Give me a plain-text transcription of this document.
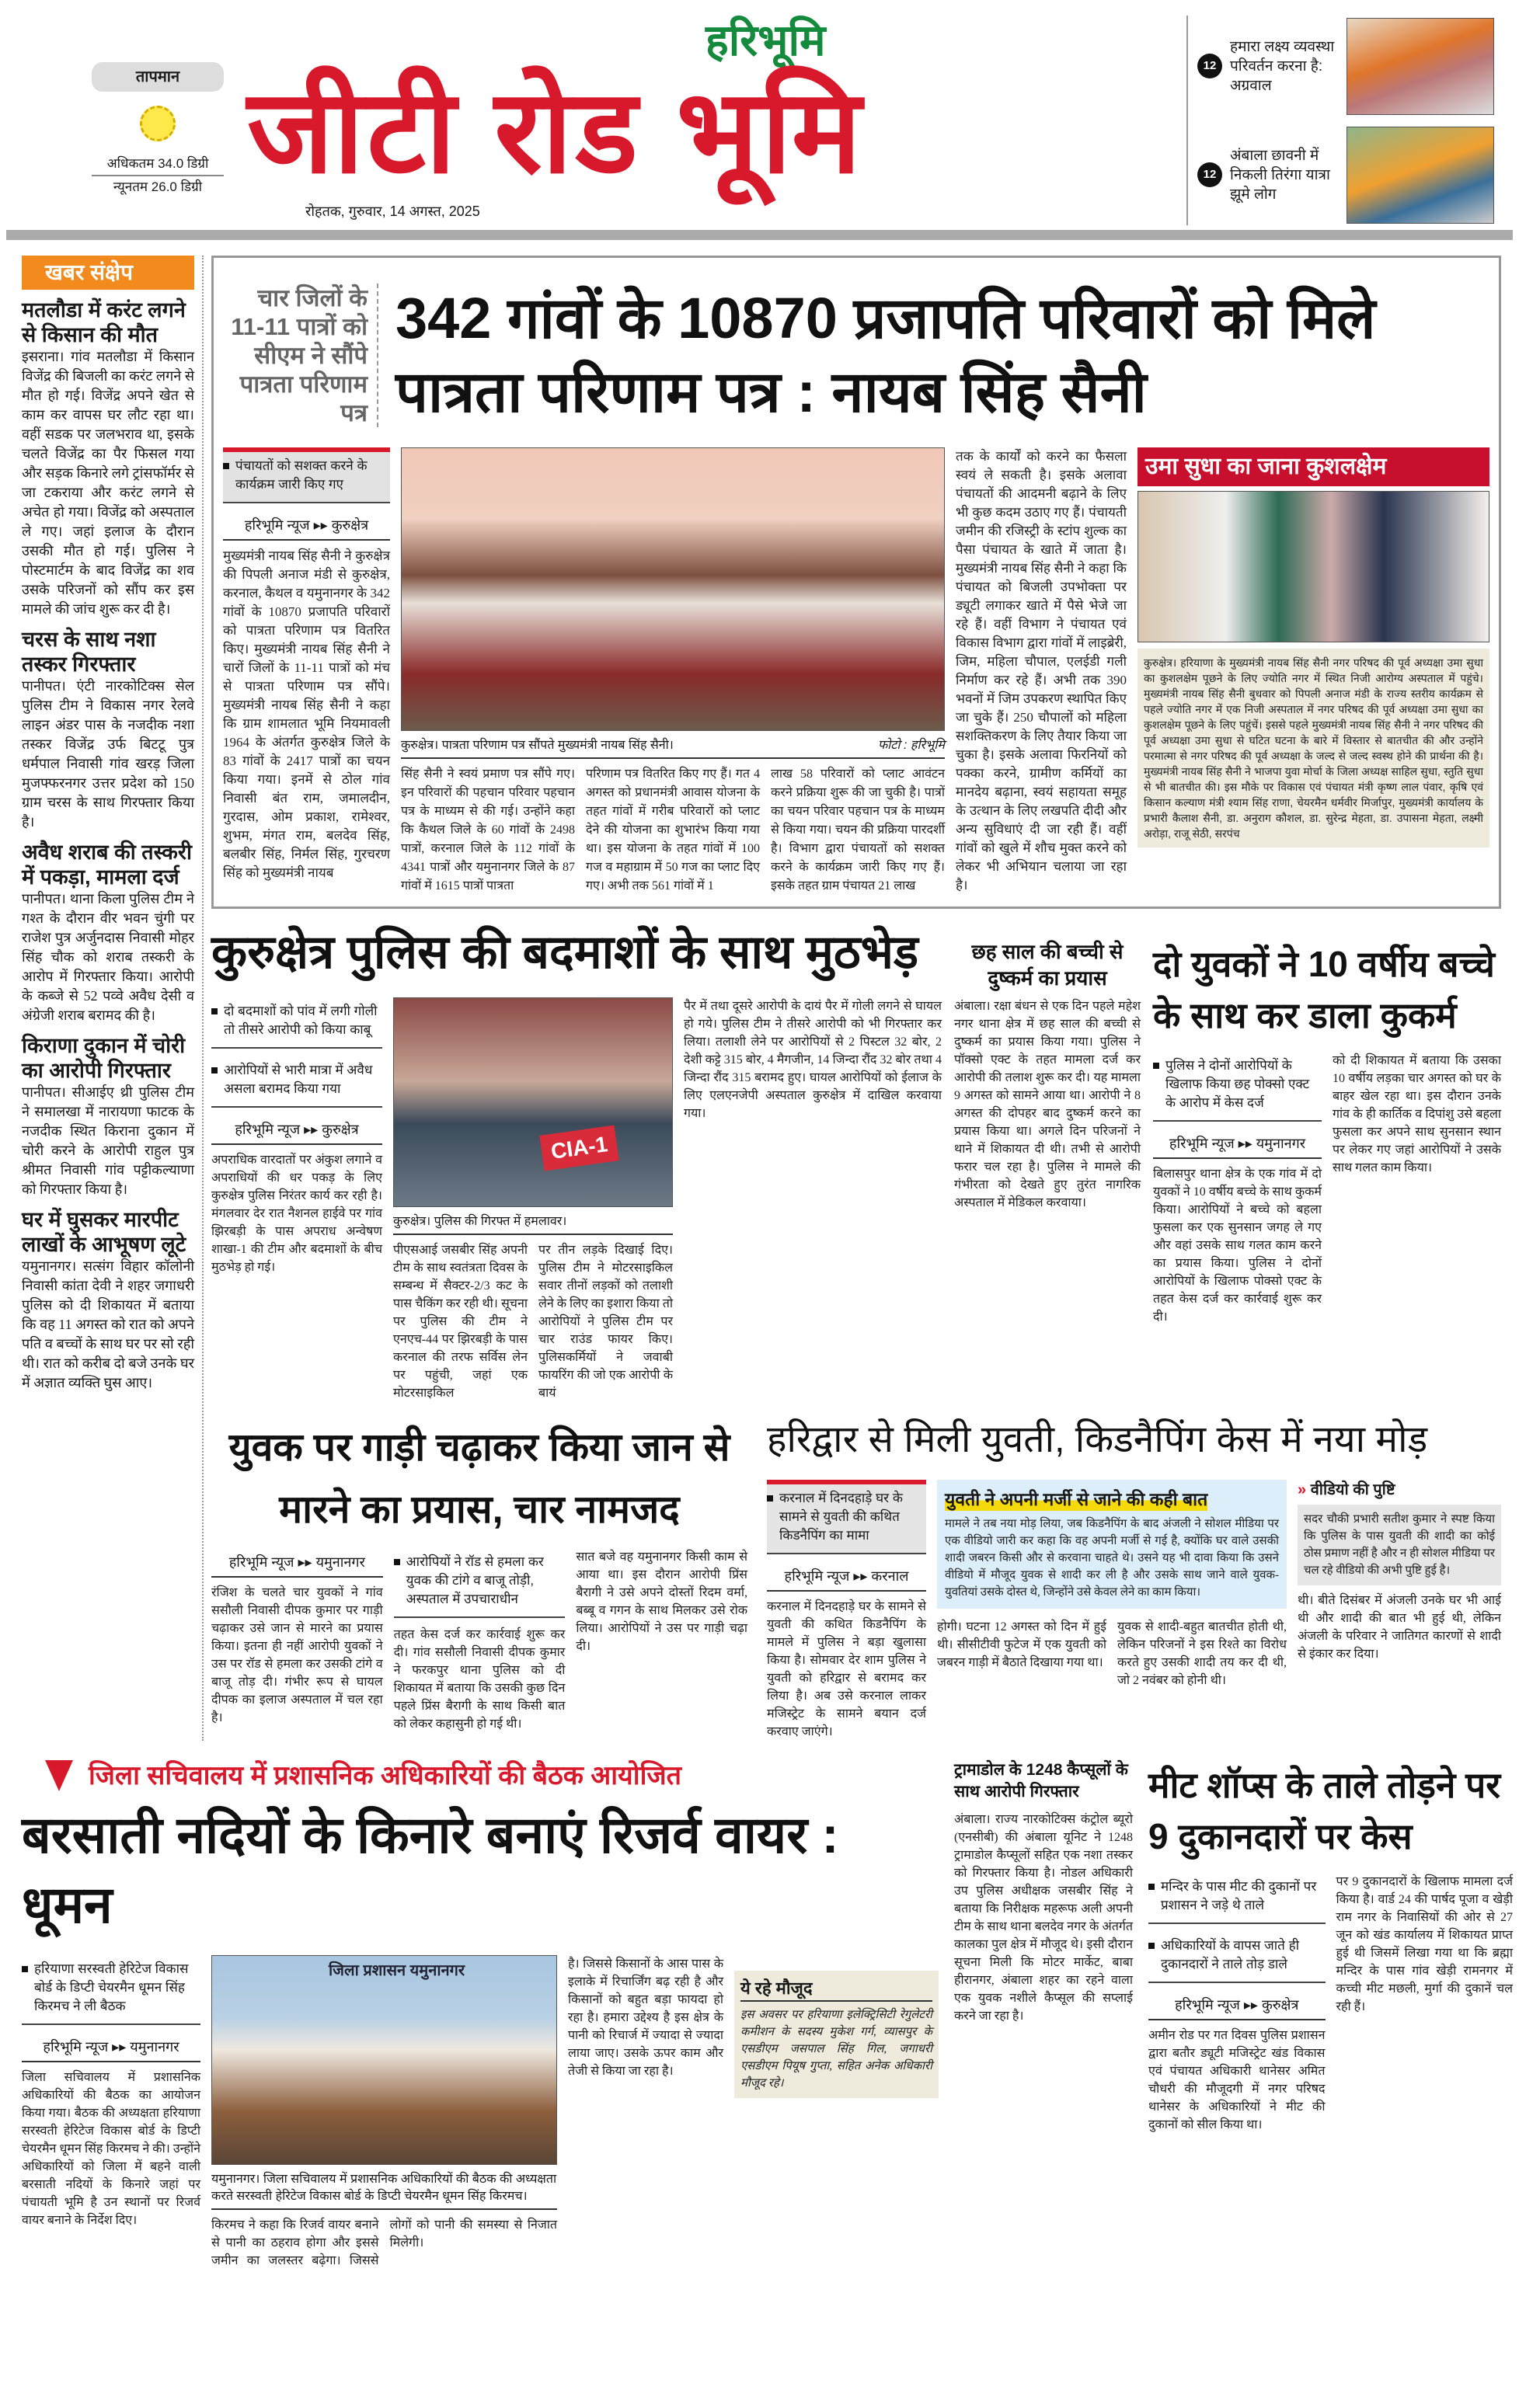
तापमान
अधिकतम 34.0 डिग्री
न्यूनतम 26.0 डिग्री
हरिभूमि
जीटी रोड भूमि
रोहतक, गुरुवार, 14 अगस्त, 2025
12
हमारा लक्ष्य व्यवस्था परिवर्तन करना है: अग्रवाल
12
अंबाला छावनी में निकली तिरंगा यात्रा झूमे लोग
खबर संक्षेप
मतलौडा में करंट लगने से किसान की मौत

इसराना। गांव मतलौडा में किसान विजेंद्र की बिजली का करंट लगने से मौत हो गई। विजेंद्र अपने खेत से काम कर वापस घर लौट रहा था। वहीं सडक पर जलभराव था, इसके चलते विजेंद्र का पैर फिसल गया और सड़क किनारे लगे ट्रांसफॉर्मर से जा टकराया और करंट लगने से अचेत हो गया। विजेंद्र को अस्पताल ले गए। जहां इलाज के दौरान उसकी मौत हो गई। पुलिस ने पोस्टमार्टम के बाद विजेंद्र का शव उसके परिजनों को सौंप कर इस मामले की जांच शुरू कर दी है।

चरस के साथ नशा तस्कर गिरफ्तार

पानीपत। एंटी नारकोटिक्स सेल पुलिस टीम ने विकास नगर रेलवे लाइन अंडर पास के नजदीक नशा तस्कर विजेंद्र उर्फ बिटटू पुत्र धर्मपाल निवासी गांव खरड़ जिला मुजफ्फरनगर उत्तर प्रदेश को 150 ग्राम चरस के साथ गिरफ्तार किया है।

अवैध शराब की तस्करी में पकड़ा, मामला दर्ज

पानीपत। थाना किला पुलिस टीम ने गश्त के दौरान वीर भवन चुंगी पर राजेश पुत्र अर्जुनदास निवासी मोहर सिंह चौक को शराब तस्करी के आरोप में गिरफ्तार किया। आरोपी के कब्जे से 52 पव्वे अवैध देसी व अंग्रेजी शराब बरामद की है।

किराणा दुकान में चोरी का आरोपी गिरफ्तार

पानीपत। सीआईए थ्री पुलिस टीम ने समालखा में नारायणा फाटक के नजदीक स्थित किराना दुकान में चोरी करने के आरोपी राहुल पुत्र श्रीमत निवासी गांव पट्टीकल्याणा को गिरफ्तार किया है।

घर में घुसकर मारपीट लाखों के आभूषण लूटे

यमुनानगर। सत्संग विहार कॉलोनी निवासी कांता देवी ने शहर जगाधरी पुलिस को दी शिकायत में बताया कि वह 11 अगस्त को रात को अपने पति व बच्चों के साथ घर पर सो रही थी। रात को करीब दो बजे उनके घर में अज्ञात व्यक्ति घुस आए।

चार जिलों के 11-11 पात्रों को सीएम ने सौंपे पात्रता परिणाम पत्र
342 गांवों के 10870 प्रजापति परिवारों को मिले पात्रता परिणाम पत्र : नायब सिंह सैनी
पंचायतों को सशक्त करने के कार्यक्रम जारी किए गए
हरिभूमि न्यूज ▸▸ कुरुक्षेत्र
मुख्यमंत्री नायब सिंह सैनी ने कुरुक्षेत्र की पिपली अनाज मंडी से कुरुक्षेत्र, करनाल, कैथल व यमुनानगर के 342 गांवों के 10870 प्रजापति परिवारों को पात्रता परिणाम पत्र वितरित किए। मुख्यमंत्री नायब सिंह सैनी ने चारों जिलों के 11-11 पात्रों को मंच से पात्रता परिणाम पत्र सौंपे। मुख्यमंत्री नायब सिंह सैनी ने कहा कि ग्राम शामलात भूमि नियमावली 1964 के अंतर्गत कुरुक्षेत्र जिले के 83 गांवों के 2417 पात्रों का चयन किया गया। इनमें से ठोल गांव निवासी बंत राम, जमालदीन, गुरदास, ओम प्रकाश, रामेश्वर, शुभम, मंगत राम, बलदेव सिंह, बलबीर सिंह, निर्मल सिंह, गुरचरण सिंह को मुख्यमंत्री नायब
कुरुक्षेत्र। पात्रता परिणाम पत्र सौंपते मुख्यमंत्री नायब सिंह सैनी।	फोटो : हरिभूमि
सिंह सैनी ने स्वयं प्रमाण पत्र सौंपे गए। इन परिवारों की पहचान परिवार पहचान पत्र के माध्यम से की गई। उन्होंने कहा कि कैथल जिले के 60 गांवों के 2498 पात्रों, करनाल जिले के 112 गांवों के 4341 पात्रों और यमुनानगर जिले के 87 गांवों में 1615 पात्रों पात्रता
परिणाम पत्र वितरित किए गए हैं। गत 4 अगस्त को प्रधानमंत्री आवास योजना के तहत गांवों में गरीब परिवारों को प्लाट देने की योजना का शुभारंभ किया गया था। इस योजना के तहत गांवों में 100 गज व महाग्राम में 50 गज का प्लाट दिए गए। अभी तक 561 गांवों में 1
लाख 58 परिवारों को प्लाट आवंटन करने प्रक्रिया शुरू की जा चुकी है। पात्रों का चयन परिवार पहचान पत्र के माध्यम से किया गया। चयन की प्रक्रिया पारदर्शी है। विभाग द्वारा पंचायतों को सशक्त करने के कार्यक्रम जारी किए गए हैं। इसके तहत ग्राम पंचायत 21 लाख
तक के कार्यों को करने का फैसला स्वयं ले सकती है। इसके अलावा पंचायतों की आदमनी बढ़ाने के लिए भी कुछ कदम उठाए गए हैं। पंचायती जमीन की रजिस्ट्री के स्टांप शुल्क का पैसा पंचायत के खाते में जाता है। मुख्यमंत्री नायब सिंह सैनी ने कहा कि पंचायत को बिजली उपभोक्ता पर ड्यूटी लगाकर खाते में पैसे भेजे जा रहे हैं। वहीं विभाग ने पंचायत एवं विकास विभाग द्वारा गांवों में लाइब्रेरी, जिम, महिला चौपाल, एलईडी गली निर्माण कर रहे हैं। अभी तक 390 भवनों में जिम उपकरण स्थापित किए जा चुके हैं। 250 चौपालों को महिला सशक्तिकरण के लिए तैयार किया जा चुका है। इसके अलावा फिरनियों को पक्का करने, ग्रामीण कर्मियों का मानदेय बढ़ाना, स्वयं सहायता समूह के उत्थान के लिए लखपति दीदी और अन्य सुविधाएं दी जा रही हैं। वहीं गांवों को खुले में शौच मुक्त करने को लेकर भी अभियान चलाया जा रहा है।
उमा सुधा का जाना कुशलक्षेम
कुरुक्षेत्र। हरियाणा के मुख्यमंत्री नायब सिंह सैनी नगर परिषद की पूर्व अध्यक्षा उमा सुधा का कुशलक्षेम पूछने के लिए ज्योति नगर में स्थित निजी आरोग्य अस्पताल में पहुंचे। मुख्यमंत्री नायब सिंह सैनी बुधवार को पिपली अनाज मंडी के राज्य स्तरीय कार्यक्रम से पहले ज्योति नगर में एक निजी अस्पताल में नगर परिषद की पूर्व अध्यक्षा उमा सुधा का कुशलक्षेम पूछने के लिए पहुंचें। इससे पहले मुख्यमंत्री नायब सिंह सैनी ने नगर परिषद की पूर्व अध्यक्षा उमा सुधा से घटित घटना के बारे में विस्तार से बातचीत की और उन्होंने परमात्मा से नगर परिषद की पूर्व अध्यक्षा के जल्द से जल्द स्वस्थ होने की प्रार्थना की है। मुख्यमंत्री नायब सिंह सैनी ने भाजपा युवा मोर्चा के जिला अध्यक्ष साहिल सुधा, स्तुति सुधा से भी बातचीत की। इस मौके पर विकास एवं पंचायत मंत्री कृष्ण लाल पंवार, कृषि एवं किसान कल्याण मंत्री श्याम सिंह राणा, चेयरमैन धर्मवीर मिर्जापुर, मुख्यमंत्री कार्यालय के प्रभारी कैलाश सैनी, डा. अनुराग कौशल, डा. सुरेन्द्र मेहता, डा. उपासना मेहता, लक्ष्मी अरोड़ा, राजू सेठी, सरपंच
कुरुक्षेत्र पुलिस की बदमाशों के साथ मुठभेड़
दो बदमाशों को पांव में लगी गोली तो तीसरे आरोपी को किया काबू
आरोपियों से भारी मात्रा में अवैध असला बरामद किया गया
हरिभूमि न्यूज ▸▸ कुरुक्षेत्र
अपराधिक वारदातों पर अंकुश लगाने व अपराधियों की धर पकड़ के लिए कुरुक्षेत्र पुलिस निरंतर कार्य कर रही है। मंगलवार देर रात नैशनल हाईवे पर गांव झिरबड़ी के पास अपराध अन्वेषण शाखा-1 की टीम और बदमाशों के बीच मुठभेड़ हो गई।
CIA-1
कुरुक्षेत्र। पुलिस की गिरफ्त में हमलावर।
पीएसआई जसबीर सिंह अपनी टीम के साथ स्वतंत्रता दिवस के सम्बन्ध में सैक्टर-2/3 कट के पास चैकिंग कर रही थी। सूचना पर पुलिस की टीम ने एनएच-44 पर झिरबड़ी के पास करनाल की तरफ सर्विस लेन पर पहुंची, जहां एक मोटरसाइकिल
पर तीन लड़के दिखाई दिए। पुलिस टीम ने मोटरसाइकिल सवार तीनों लड़कों को तलाशी लेने के लिए का इशारा किया तो आरोपियों ने पुलिस टीम पर चार राउंड फायर किए। पुलिसकर्मियों ने जवाबी फायरिंग की जो एक आरोपी के बायं
पैर में तथा दूसरे आरोपी के दायं पैर में गोली लगने से घायल हो गये। पुलिस टीम ने तीसरे आरोपी को भी गिरफ्तार कर लिया। तलाशी लेने पर आरोपियों से 2 पिस्टल 32 बोर, 2 देशी कट्टे 315 बोर, 4 मैगजीन, 14 जिन्दा रौंद 32 बोर तथा 4 जिन्दा रौंद 315 बरामद हुए। घायल आरोपियों को ईलाज के लिए एलएनजेपी अस्पताल कुरुक्षेत्र में दाखिल करवाया गया।
छह साल की बच्ची से दुष्कर्म का प्रयास
अंबाला। रक्षा बंधन से एक दिन पहले महेश नगर थाना क्षेत्र में छह साल की बच्ची से दुष्कर्म का प्रयास किया गया। पुलिस ने पॉक्सो एक्ट के तहत मामला दर्ज कर आरोपी की तलाश शुरू कर दी। यह मामला 9 अगस्त को सामने आया था। आरोपी ने 8 अगस्त की दोपहर बाद दुष्कर्म करने का प्रयास किया था। अगले दिन परिजनों ने थाने में शिकायत दी थी। तभी से आरोपी फरार चल रहा है। पुलिस ने मामले की गंभीरता को देखते हुए तुरंत नागरिक अस्पताल में मेडिकल करवाया।
दो युवकों ने 10 वर्षीय बच्चे के साथ कर डाला कुकर्म
पुलिस ने दोनों आरोपियों के खिलाफ किया छह पोक्सो एक्ट के आरोप में केस दर्ज
हरिभूमि न्यूज ▸▸ यमुनानगर
बिलासपुर थाना क्षेत्र के एक गांव में दो युवकों ने 10 वर्षीय बच्चे के साथ कुकर्म किया। आरोपियों ने बच्चे को बहला फुसला कर एक सुनसान जगह ले गए और वहां उसके साथ गलत काम करने का प्रयास किया। पुलिस ने दोनों आरोपियों के खिलाफ पोक्सो एक्ट के तहत केस दर्ज कर कार्रवाई शुरू कर दी।
को दी शिकायत में बताया कि उसका 10 वर्षीय लड़का चार अगस्त को घर के बाहर खेल रहा था। इस दौरान उनके गांव के ही कार्तिक व दिपांशु उसे बहला फुसला कर अपने साथ सुनसान स्थान पर लेकर गए जहां आरोपियों ने उसके साथ गलत काम किया।
युवक पर गाड़ी चढ़ाकर किया जान से मारने का प्रयास, चार नामजद
हरिभूमि न्यूज ▸▸ यमुनानगर
रंजिश के चलते चार युवकों ने गांव ससौली निवासी दीपक कुमार पर गाड़ी चढ़ाकर उसे जान से मारने का प्रयास किया। इतना ही नहीं आरोपी युवकों ने उस पर रॉड से हमला कर उसकी टांगे व बाजू तोड़ दी। गंभीर रूप से घायल दीपक का इलाज अस्पताल में चल रहा है।
आरोपियों ने रॉड से हमला कर युवक की टांगे व बाजू तोड़ी, अस्पताल में उपचाराधीन
तहत केस दर्ज कर कार्रवाई शुरू कर दी। गांव ससौली निवासी दीपक कुमार ने फरकपुर थाना पुलिस को दी शिकायत में बताया कि उसकी कुछ दिन पहले प्रिंस बैरागी के साथ किसी बात को लेकर कहासुनी हो गई थी।
सात बजे वह यमुनानगर किसी काम से आया था। इस दौरान आरोपी प्रिंस बैरागी ने उसे अपने दोस्तों रिदम वर्मा, बब्बू व गगन के साथ मिलकर उसे रोक लिया। आरोपियों ने उस पर गाड़ी चढ़ा दी।
हरिद्वार से मिली युवती, किडनैपिंग केस में नया मोड़
करनाल में दिनदहाड़े घर के सामने से युवती की कथित किडनैपिंग का मामा
हरिभूमि न्यूज ▸▸ करनाल
करनाल में दिनदहाड़े घर के सामने से युवती की कथित किडनैपिंग के मामले में पुलिस ने बड़ा खुलासा किया है। सोमवार देर शाम पुलिस ने युवती को हरिद्वार से बरामद कर लिया है। अब उसे करनाल लाकर मजिस्ट्रेट के सामने बयान दर्ज करवाए जाएंगे।
युवती ने अपनी मर्जी से जाने की कही बात
मामले ने तब नया मोड़ लिया, जब किडनैपिंग के बाद अंजली ने सोशल मीडिया पर एक वीडियो जारी कर कहा कि वह अपनी मर्जी से गई है, क्योंकि घर वाले उसकी शादी जबरन किसी और से करवाना चाहते थे। उसने यह भी दावा किया कि उसने वीडियो में मौजूद युवक से शादी कर ली है और उसके साथ जाने वाले युवक-युवतियां उसके दोस्त थे, जिन्होंने उसे केवल लेने का काम किया।
होगी। घटना 12 अगस्त को दिन में हुई थी। सीसीटीवी फुटेज में एक युवती को जबरन गाड़ी में बैठाते दिखाया गया था।
युवक से शादी-बहुत बातचीत होती थी, लेकिन परिजनों ने इस रिश्ते का विरोध करते हुए उसकी शादी तय कर दी थी, जो 2 नवंबर को होनी थी।
» वीडियो की पुष्टि
सदर चौकी प्रभारी सतीश कुमार ने स्पष्ट किया कि पुलिस के पास युवती की शादी का कोई ठोस प्रमाण नहीं है और न ही सोशल मीडिया पर चल रहे वीडियो की अभी पुष्टि हुई है।
थी। बीते दिसंबर में अंजली उनके घर भी आई थी और शादी की बात भी हुई थी, लेकिन अंजली के परिवार ने जातिगत कारणों से शादी से इंकार कर दिया।
जिला सचिवालय में प्रशासनिक अधिकारियों की बैठक आयोजित
बरसाती नदियों के किनारे बनाएं रिजर्व वायर : धूमन
हरियाणा सरस्वती हेरिटेज विकास बोर्ड के डिप्टी चेयरमैन धूमन सिंह किरमच ने ली बैठक
हरिभूमि न्यूज ▸▸ यमुनानगर
जिला सचिवालय में प्रशासनिक अधिकारियों की बैठक का आयोजन किया गया। बैठक की अध्यक्षता हरियाणा सरस्वती हेरिटेज विकास बोर्ड के डिप्टी चेयरमैन धूमन सिंह किरमच ने की। उन्होंने अधिकारियों को जिला में बहने वाली बरसाती नदियों के किनारे जहां पर पंचायती भूमि है उन स्थानों पर रिजर्व वायर बनाने के निर्देश दिए।
जिला प्रशासन यमुनानगर
यमुनानगर। जिला सचिवालय में प्रशासनिक अधिकारियों की बैठक की अध्यक्षता करते सरस्वती हेरिटेज विकास बोर्ड के डिप्टी चेयरमैन धूमन सिंह किरमच।
किरमच ने कहा कि रिजर्व वायर बनाने से पानी का ठहराव होगा और इससे जमीन का जलस्तर बढ़ेगा। जिससे लोगों को पानी की समस्या से निजात मिलेगी।
है। जिससे किसानों के आस पास के इलाके में रिचार्जिंग बढ़ रही है और किसानों को बहुत बड़ा फायदा हो रहा है। हमारा उद्देश्य है इस क्षेत्र के पानी को रिचार्ज में ज्यादा से ज्यादा लाया जाए। उसके ऊपर काम और तेजी से किया जा रहा है।
ये रहे मौजूद
इस अवसर पर हरियाणा इलेक्ट्रिसिटी रेगुलेटरी कमीशन के सदस्य मुकेश गर्ग, व्यासपुर के एसडीएम जसपाल सिंह गिल, जगाधरी एसडीएम पियूष गुप्ता, सहित अनेक अधिकारी मौजूद रहे।
ट्रामाडोल के 1248 कैप्सूलों के साथ आरोपी गिरफ्तार
अंबाला। राज्य नारकोटिक्स कंट्रोल ब्यूरो (एनसीबी) की अंबाला यूनिट ने 1248 ट्रामाडोल कैप्सूलों सहित एक नशा तस्कर को गिरफ्तार किया है। नोडल अधिकारी उप पुलिस अधीक्षक जसबीर सिंह ने बताया कि निरीक्षक महरूफ अली अपनी टीम के साथ थाना बलदेव नगर के अंतर्गत कालका पुल क्षेत्र में मौजूद थे। इसी दौरान सूचना मिली कि मोटर मार्केट, बाबा हीरानगर, अंबाला शहर का रहने वाला एक युवक नशीले कैप्सूल की सप्लाई करने जा रहा है।
मीट शॉप्स के ताले तोड़ने पर 9 दुकानदारों पर केस
मन्दिर के पास मीट की दुकानों पर प्रशासन ने जड़े थे ताले
अधिकारियों के वापस जाते ही दुकानदारों ने ताले तोड़ डाले
हरिभूमि न्यूज ▸▸ कुरुक्षेत्र
अमीन रोड पर गत दिवस पुलिस प्रशासन द्वारा बतौर ड्यूटी मजिस्ट्रेट खंड विकास एवं पंचायत अधिकारी थानेसर अमित चौधरी की मौजूदगी में नगर परिषद थानेसर के अधिकारियों ने मीट की दुकानों को सील किया था।
पर 9 दुकानदारों के खिलाफ मामला दर्ज किया है। वार्ड 24 की पार्षद पूजा व खेड़ी राम नगर के निवासियों की ओर से 27 जून को खंड कार्यालय में शिकायत प्राप्त हुई थी जिसमें लिखा गया था कि ब्रह्मा मन्दिर के पास गांव खेड़ी रामनगर में कच्ची मीट मछली, मुर्गा की दुकानें चल रही हैं।
